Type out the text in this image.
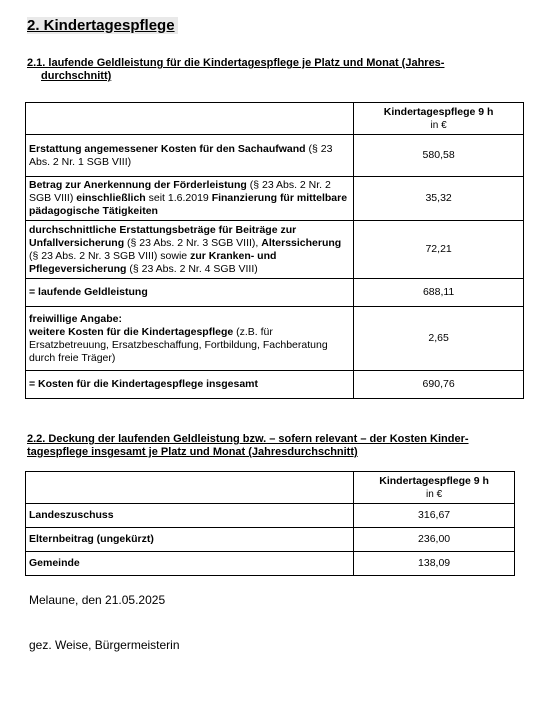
2. Kindertagespflege
2.1. laufende Geldleistung für die Kindertagespflege je Platz und Monat (Jahres-
durchschnitt)
	Kindertagespflege 9 h
in €

Erstattung angemessener Kosten für den Sachaufwand (§ 23 Abs. 2 Nr. 1 SGB VIII)	580,58
Betrag zur Anerkennung der Förderleistung (§ 23 Abs. 2 Nr. 2 SGB VIII) einschließlich seit 1.6.2019 Finanzierung für mittelbare pädagogische Tätigkeiten	35,32
durchschnittliche Erstattungsbeträge für Beiträge zur Unfallversicherung (§ 23 Abs. 2 Nr. 3 SGB VIII), Alterssicherung (§ 23 Abs. 2 Nr. 3 SGB VIII) sowie zur Kranken- und Pflegeversicherung (§ 23 Abs. 2 Nr. 4 SGB VIII)	72,21
= laufende Geldleistung	688,11

freiwillige Angabe:
weitere Kosten für die Kindertagespflege (z.B. für Ersatzbetreuung, Ersatzbeschaffung, Fortbildung, Fachberatung durch freie Träger)	2,65
= Kosten für die Kindertagespflege insgesamt	690,76
2.2. Deckung der laufenden Geldleistung bzw. – sofern relevant – der Kosten Kinder-
tagespflege insgesamt je Platz und Monat (Jahresdurchschnitt)
	Kindertagespflege 9 h
in €

Landeszuschuss	316,67
Elternbeitrag (ungekürzt)	236,00
Gemeinde	138,09
Melaune, den 21.05.2025
gez. Weise, Bürgermeisterin
